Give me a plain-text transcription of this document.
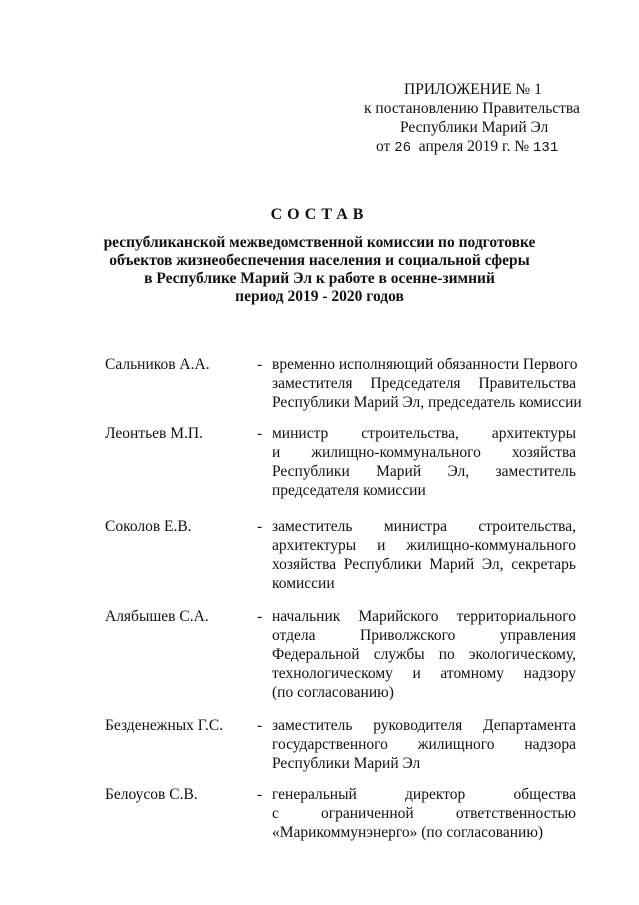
ПРИЛОЖЕНИЕ № 1
к постановлению Правительства
Республики Марий Эл
от 26  апреля 2019 г. № 131
СОСТАВ
республиканской межведомственной комиссии по подготовке
объектов жизнеобеспечения населения и социальной сферы
в Республике Марий Эл к работе в осенне-зимний
период 2019 - 2020 годов
Сальников А.А.	- временно исполняющий обязанности Первого
заместителя Председателя Правительства
Республики Марий Эл, председатель комиссии
Леонтьев М.П.	- министр строительства, архитектуры
и жилищно-коммунального хозяйства
Республики Марий Эл, заместитель
председателя комиссии
Соколов Е.В.	- заместитель министра строительства,
архитектуры и жилищно-коммунального
хозяйства Республики Марий Эл, секретарь
комиссии
Алябышев С.А.	- начальник Марийского территориального
отдела Приволжского управления
Федеральной службы по экологическому,
технологическому и атомному надзору
(по согласованию)
Безденежных Г.С. - заместитель руководителя Департамента
государственного жилищного надзора
Республики Марий Эл
Белоусов С.В.	- генеральный директор общества
с ограниченной ответственностью
«Марикоммунэнерго» (по согласованию)
